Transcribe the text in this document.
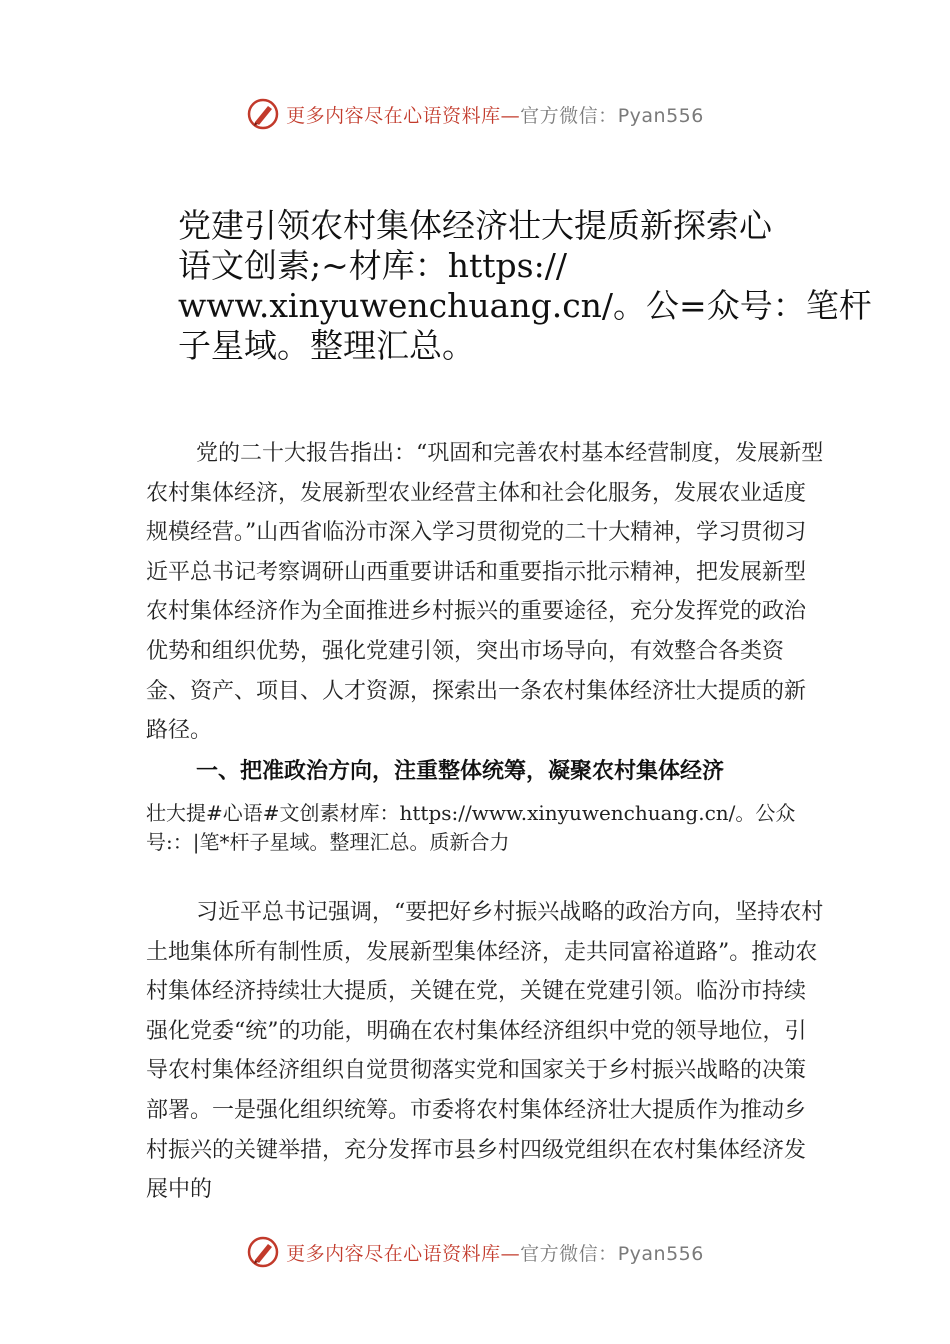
更多内容尽在心语资料库—官方微信：Pyan556
党建引领农村集体经济壮大提质新探索心
语文创素;~材库：https://
www.xinyuwenchuang.cn/。公=众号：笔杆
子星域。整理汇总。

党的二十大报告指出：“巩固和完善农村基本经营制度，发展新型农村集体经济，发展新型农业经营主体和社会化服务，发展农业适度规模经营。”山西省临汾市深入学习贯彻党的二十大精神，学习贯彻习近平总书记考察调研山西重要讲话和重要指示批示精神，把发展新型农村集体经济作为全面推进乡村振兴的重要途径，充分发挥党的政治优势和组织优势，强化党建引领，突出市场导向，有效整合各类资金、资产、项目、人才资源，探索出一条农村集体经济壮大提质的新路径。

一、把准政治方向，注重整体统筹，凝聚农村集体经济

壮大提#心语#文创素材库：https://www.xinyuwenchuang.cn/。公众号:：|笔*杆子星域。整理汇总。质新合力

习近平总书记强调，“要把好乡村振兴战略的政治方向，坚持农村土地集体所有制性质，发展新型集体经济，走共同富裕道路”。推动农村集体经济持续壮大提质，关键在党，关键在党建引领。临汾市持续强化党委“统”的功能，明确在农村集体经济组织中党的领导地位，引导农村集体经济组织自觉贯彻落实党和国家关于乡村振兴战略的决策部署。一是强化组织统筹。市委将农村集体经济壮大提质作为推动乡村振兴的关键举措，充分发挥市县乡村四级党组织在农村集体经济发展中的

更多内容尽在心语资料库—官方微信：Pyan556
